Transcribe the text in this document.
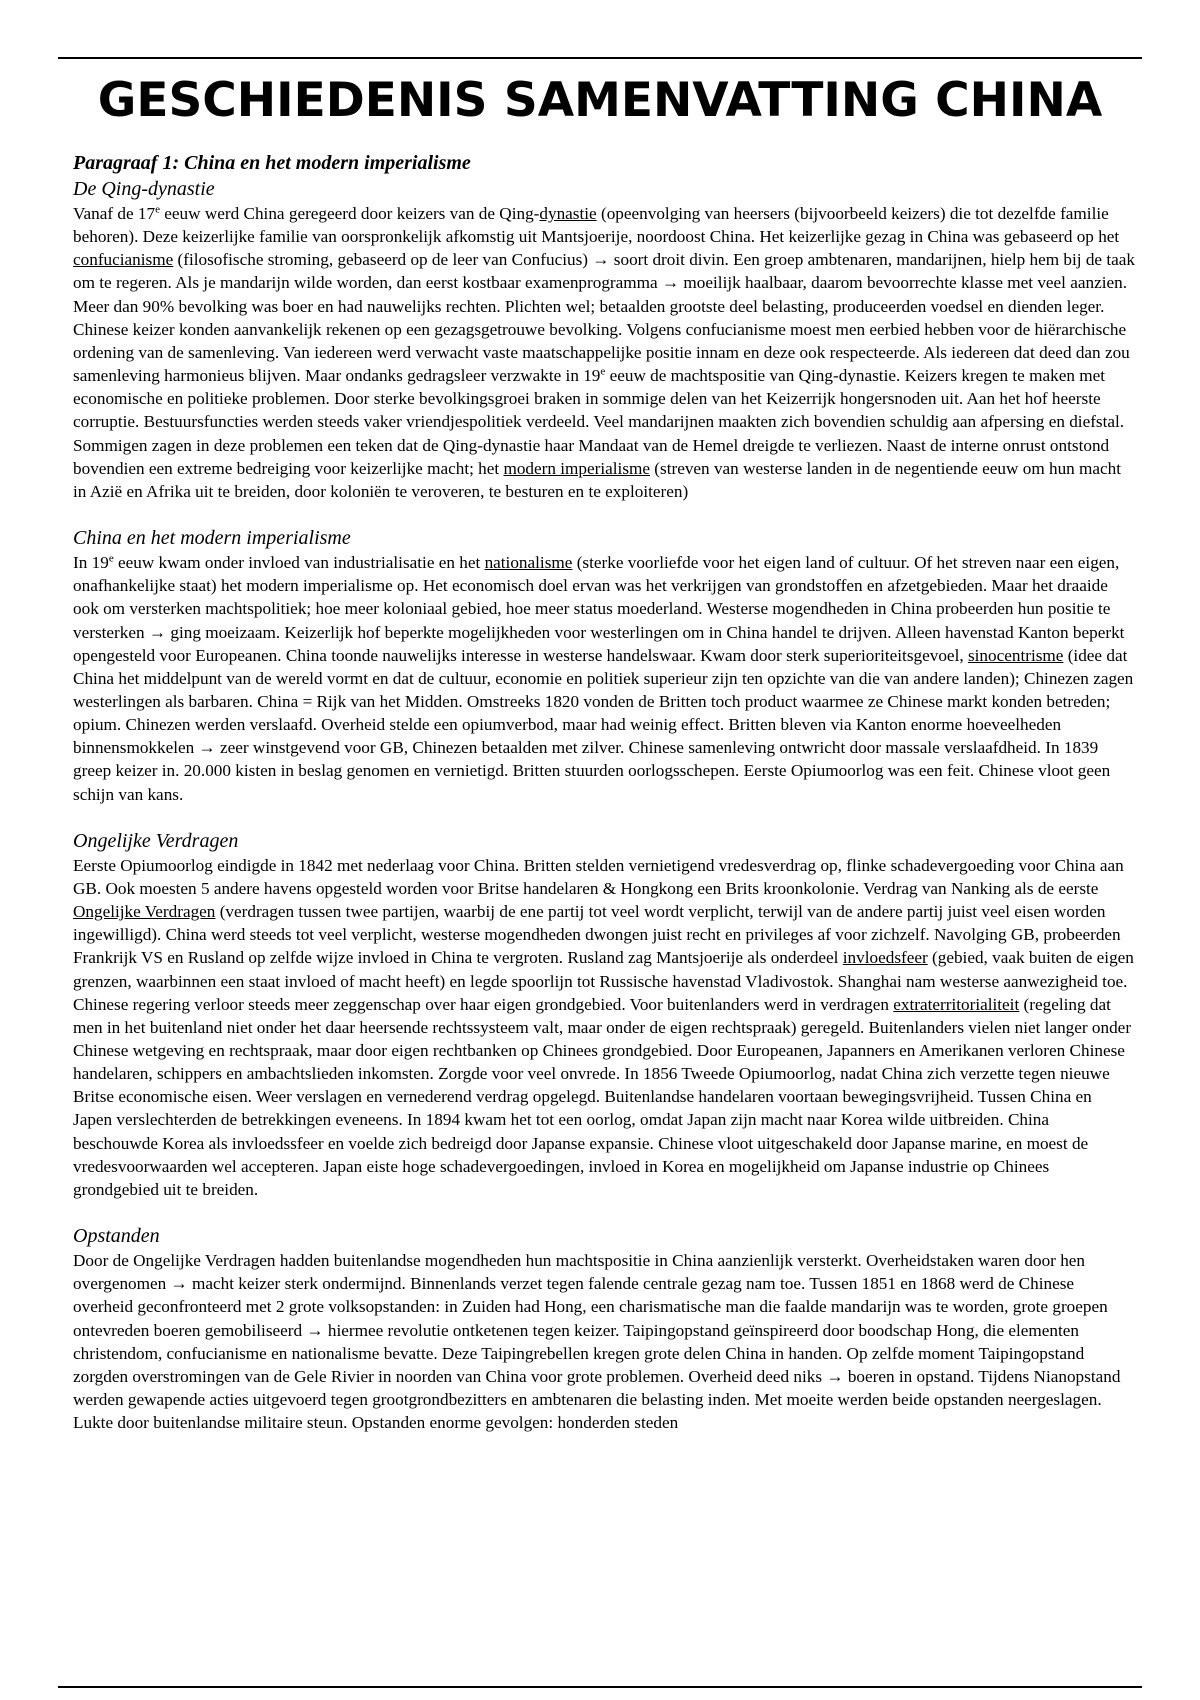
GESCHIEDENIS SAMENVATTING CHINA
Paragraaf 1: China en het modern imperialisme
De Qing-dynastie

Vanaf de 17e eeuw werd China geregeerd door keizers van de Qing-dynastie (opeenvolging van heersers (bijvoorbeeld keizers) die tot dezelfde familie behoren). Deze keizerlijke familie van oorspronkelijk afkomstig uit Mantsjoerije, noordoost China. Het keizerlijke gezag in China was gebaseerd op het confucianisme (filosofische stroming, gebaseerd op de leer van Confucius) → soort droit divin. Een groep ambtenaren, mandarijnen, hielp hem bij de taak om te regeren. Als je mandarijn wilde worden, dan eerst kostbaar examenprogramma → moeilijk haalbaar, daarom bevoorrechte klasse met veel aanzien. Meer dan 90% bevolking was boer en had nauwelijks rechten. Plichten wel; betaalden grootste deel belasting, produceerden voedsel en dienden leger. Chinese keizer konden aanvankelijk rekenen op een gezagsgetrouwe bevolking. Volgens confucianisme moest men eerbied hebben voor de hiërarchische ordening van de samenleving. Van iedereen werd verwacht vaste maatschappelijke positie innam en deze ook respecteerde. Als iedereen dat deed dan zou samenleving harmonieus blijven. Maar ondanks gedragsleer verzwakte in 19e eeuw de machtspositie van Qing-dynastie. Keizers kregen te maken met economische en politieke problemen. Door sterke bevolkingsgroei braken in sommige delen van het Keizerrijk hongersnoden uit. Aan het hof heerste corruptie. Bestuursfuncties werden steeds vaker vriendjespolitiek verdeeld. Veel mandarijnen maakten zich bovendien schuldig aan afpersing en diefstal. Sommigen zagen in deze problemen een teken dat de Qing-dynastie haar Mandaat van de Hemel dreigde te verliezen. Naast de interne onrust ontstond bovendien een extreme bedreiging voor keizerlijke macht; het modern imperialisme (streven van westerse landen in de negentiende eeuw om hun macht in Azië en Afrika uit te breiden, door koloniën te veroveren, te besturen en te exploiteren)

China en het modern imperialisme

In 19e eeuw kwam onder invloed van industrialisatie en het nationalisme (sterke voorliefde voor het eigen land of cultuur. Of het streven naar een eigen, onafhankelijke staat) het modern imperialisme op. Het economisch doel ervan was het verkrijgen van grondstoffen en afzetgebieden. Maar het draaide ook om versterken machtspolitiek; hoe meer koloniaal gebied, hoe meer status moederland. Westerse mogendheden in China probeerden hun positie te versterken → ging moeizaam. Keizerlijk hof beperkte mogelijkheden voor westerlingen om in China handel te drijven. Alleen havenstad Kanton beperkt opengesteld voor Europeanen. China toonde nauwelijks interesse in westerse handelswaar. Kwam door sterk superioriteitsgevoel, sinocentrisme (idee dat China het middelpunt van de wereld vormt en dat de cultuur, economie en politiek superieur zijn ten opzichte van die van andere landen); Chinezen zagen westerlingen als barbaren. China = Rijk van het Midden. Omstreeks 1820 vonden de Britten toch product waarmee ze Chinese markt konden betreden; opium. Chinezen werden verslaafd. Overheid stelde een opiumverbod, maar had weinig effect. Britten bleven via Kanton enorme hoeveelheden binnensmokkelen → zeer winstgevend voor GB, Chinezen betaalden met zilver. Chinese samenleving ontwricht door massale verslaafdheid. In 1839 greep keizer in. 20.000 kisten in beslag genomen en vernietigd. Britten stuurden oorlogsschepen. Eerste Opiumoorlog was een feit. Chinese vloot geen schijn van kans.

Ongelijke Verdragen

Eerste Opiumoorlog eindigde in 1842 met nederlaag voor China. Britten stelden vernietigend vredesverdrag op, flinke schadevergoeding voor China aan GB. Ook moesten 5 andere havens opgesteld worden voor Britse handelaren & Hongkong een Brits kroonkolonie. Verdrag van Nanking als de eerste Ongelijke Verdragen (verdragen tussen twee partijen, waarbij de ene partij tot veel wordt verplicht, terwijl van de andere partij juist veel eisen worden ingewilligd). China werd steeds tot veel verplicht, westerse mogendheden dwongen juist recht en privileges af voor zichzelf. Navolging GB, probeerden Frankrijk VS en Rusland op zelfde wijze invloed in China te vergroten. Rusland zag Mantsjoerije als onderdeel invloedsfeer (gebied, vaak buiten de eigen grenzen, waarbinnen een staat invloed of macht heeft) en legde spoorlijn tot Russische havenstad Vladivostok. Shanghai nam westerse aanwezigheid toe. Chinese regering verloor steeds meer zeggenschap over haar eigen grondgebied. Voor buitenlanders werd in verdragen extraterritorialiteit (regeling dat men in het buitenland niet onder het daar heersende rechtssysteem valt, maar onder de eigen rechtspraak) geregeld. Buitenlanders vielen niet langer onder Chinese wetgeving en rechtspraak, maar door eigen rechtbanken op Chinees grondgebied. Door Europeanen, Japanners en Amerikanen verloren Chinese handelaren, schippers en ambachtslieden inkomsten. Zorgde voor veel onvrede. In 1856 Tweede Opiumoorlog, nadat China zich verzette tegen nieuwe Britse economische eisen. Weer verslagen en vernederend verdrag opgelegd. Buitenlandse handelaren voortaan bewegingsvrijheid. Tussen China en Japen verslechterden de betrekkingen eveneens. In 1894 kwam het tot een oorlog, omdat Japan zijn macht naar Korea wilde uitbreiden. China beschouwde Korea als invloedssfeer en voelde zich bedreigd door Japanse expansie. Chinese vloot uitgeschakeld door Japanse marine, en moest de vredesvoorwaarden wel accepteren. Japan eiste hoge schadevergoedingen, invloed in Korea en mogelijkheid om Japanse industrie op Chinees grondgebied uit te breiden.

Opstanden

Door de Ongelijke Verdragen hadden buitenlandse mogendheden hun machtspositie in China aanzienlijk versterkt. Overheidstaken waren door hen overgenomen → macht keizer sterk ondermijnd. Binnenlands verzet tegen falende centrale gezag nam toe. Tussen 1851 en 1868 werd de Chinese overheid geconfronteerd met 2 grote volksopstanden: in Zuiden had Hong, een charismatische man die faalde mandarijn was te worden, grote groepen ontevreden boeren gemobiliseerd → hiermee revolutie ontketenen tegen keizer. Taipingopstand geïnspireerd door boodschap Hong, die elementen christendom, confucianisme en nationalisme bevatte. Deze Taipingrebellen kregen grote delen China in handen. Op zelfde moment Taipingopstand zorgden overstromingen van de Gele Rivier in noorden van China voor grote problemen. Overheid deed niks → boeren in opstand. Tijdens Nianopstand werden gewapende acties uitgevoerd tegen grootgrondbezitters en ambtenaren die belasting inden. Met moeite werden beide opstanden neergeslagen. Lukte door buitenlandse militaire steun. Opstanden enorme gevolgen: honderden steden
